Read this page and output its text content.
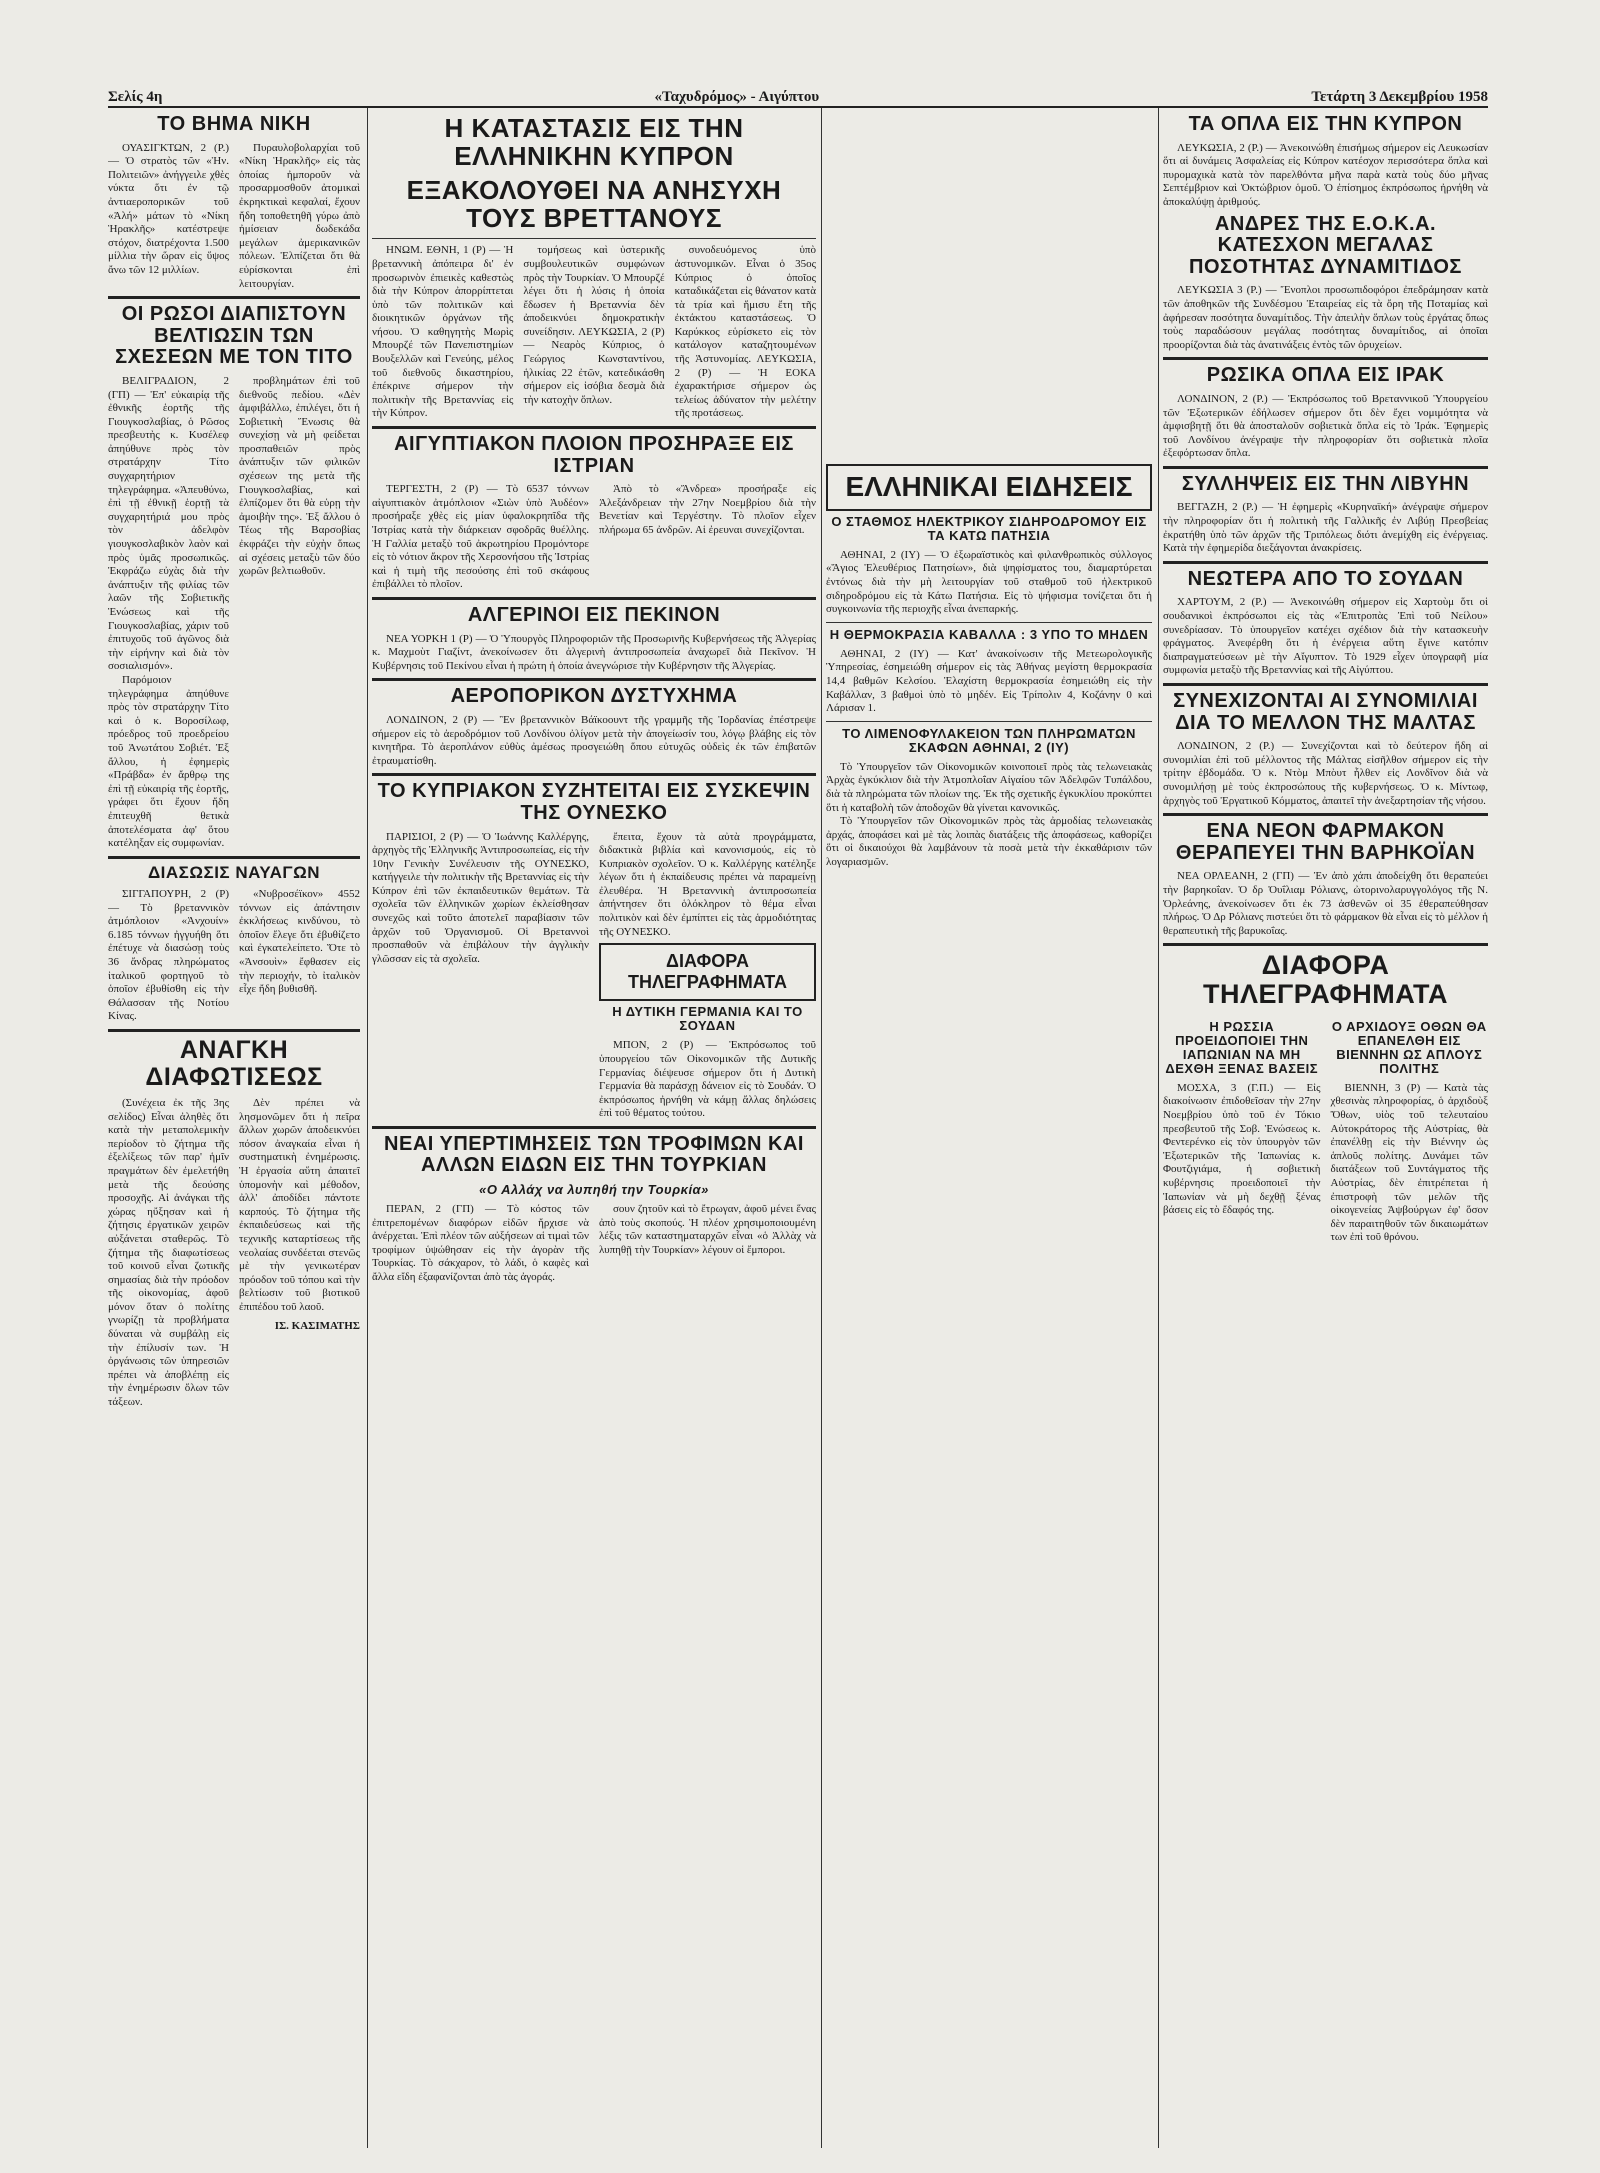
Σελίς 4η	«Ταχυδρόμος» - Αιγύπτου	Τετάρτη 3 Δεκεμβρίου 1958
ΤΟ ΒΗΜΑ ΝΙΚΗ

ΟΥΑΣΙΓΚΤΩΝ, 2 (Ρ.) — Ὁ στρατὸς τῶν «Ἡν. Πολιτειῶν» ἀνήγγειλε χθὲς νύκτα ὅτι ἐν τῷ ἀντιαεροπορικῶν τοῦ «Ἀλή» μάτων τὸ «Νίκη Ἡρακλῆς» κατέστρεψε στόχον, διατρέχοντα 1.500 μίλλια τὴν ὥραν εἰς ὕψος ἄνω τῶν 12 μιλλίων.

Πυραυλοβολαρχίαι τοῦ «Νίκη Ἡρακλῆς» εἰς τὰς ὁποίας ἠμποροῦν νὰ προσαρμοσθοῦν ἀτομικαὶ ἐκρηκτικαὶ κεφαλαί, ἔχουν ἤδη τοποθετηθῆ γύρω ἀπὸ ἠμίσειαν δωδεκάδα μεγάλων ἀμερικανικῶν πόλεων. Ἐλπίζεται ὅτι θὰ εὑρίσκονται ἐπὶ λειτουργίαν.

ΟΙ ΡΩΣΟΙ ΔΙΑΠΙΣΤΟΥΝ ΒΕΛΤΙΩΣΙΝ ΤΩΝ ΣΧΕΣΕΩΝ ΜΕ ΤΟΝ ΤΙΤΟ

ΒΕΛΙΓΡΑΔΙΟΝ, 2 (ΓΠ) — Ἐπ' εὐκαιρίᾳ τῆς ἐθνικῆς ἑορτῆς τῆς Γιουγκοσλαβίας, ὁ Ρῶσος πρεσβευτὴς κ. Κυσέλεφ ἀπηύθυνε πρὸς τὸν στρατάρχην Τίτο συγχαρητήριον τηλεγράφημα. «Ἀπευθύνω, ἐπὶ τῇ ἐθνικῇ ἑορτῇ τὰ συγχαρητήριά μου πρὸς τὸν ἀδελφὸν γιουγκοσλαβικὸν λαὸν καὶ πρὸς ὑμᾶς προσωπικῶς. Ἐκφράζω εὐχὰς διὰ τὴν ἀνάπτυξιν τῆς φιλίας τῶν λαῶν τῆς Σοβιετικῆς Ἑνώσεως καὶ τῆς Γιουγκοσλαβίας, χάριν τοῦ ἐπιτυχοῦς τοῦ ἀγῶνος διὰ τὴν εἰρήνην καὶ διὰ τὸν σοσιαλισμόν».

Παρόμοιον τηλεγράφημα ἀπηύθυνε πρὸς τὸν στρατάρχην Τίτο καὶ ὁ κ. Βοροσίλωφ, πρόεδρος τοῦ προεδρείου τοῦ Ἀνωτάτου Σοβιέτ. Ἐξ ἄλλου, ἡ ἐφημερὶς «Πράβδα» ἐν ἄρθρῳ της ἐπὶ τῇ εὐκαιρίᾳ τῆς ἑορτῆς, γράφει ὅτι ἔχουν ἤδη ἐπιτευχθῆ θετικὰ ἀποτελέσματα ἀφ' ὅτου κατέληξαν εἰς συμφωνίαν.

προβλημάτων ἐπὶ τοῦ διεθνοῦς πεδίου. «Δὲν ἀμφιβάλλω, ἐπιλέγει, ὅτι ἡ Σοβιετικὴ Ἕνωσις θὰ συνεχίσῃ νὰ μὴ φείδεται προσπαθειῶν πρὸς ἀνάπτυξιν τῶν φιλικῶν σχέσεων της μετὰ τῆς Γιουγκοσλαβίας, καὶ ἐλπίζομεν ὅτι θὰ εὑρῃ τὴν ἀμοιβὴν της». Ἐξ ἄλλου ὁ Τέως τῆς Βαρσοβίας ἐκφράζει τὴν εὐχὴν ὅπως αἱ σχέσεις μεταξὺ τῶν δύο χωρῶν βελτιωθοῦν.

ΔΙΑΣΩΣΙΣ ΝΑΥΑΓΩΝ

ΣΙΓΓΑΠΟΥΡΗ, 2 (Ρ) — Τὸ βρεταννικὸν ἀτμόπλοιον «Ἀνχουίν» 6.185 τόννων ἠγγυήθη ὅτι ἐπέτυχε νὰ διασώσῃ τοὺς 36 ἄνδρας πληρώματος ἰταλικοῦ φορτηγοῦ τὸ ὁποῖον ἐβυθίσθη εἰς τὴν Θάλασσαν τῆς Νοτίου Κίνας.

«Νυβροσέϊκον» 4552 τόννων εἰς ἀπάντησιν ἐκκλήσεως κινδύνου, τὸ ὁποῖον ἔλεγε ὅτι ἐβυθίζετο καὶ ἐγκατελείπετο. Ὅτε τὸ «Ἀνσουὶν» ἔφθασεν εἰς τὴν περιοχήν, τὸ ἰταλικὸν εἶχε ἤδη βυθισθῆ.

ΑΝΑΓΚΗ ΔΙΑΦΩΤΙΣΕΩΣ

(Συνέχεια ἐκ τῆς 3ης σελίδος) Εἶναι ἀληθὲς ὅτι κατὰ τὴν μεταπολεμικὴν περίοδον τὸ ζήτημα τῆς ἐξελίξεως τῶν παρ' ἡμῖν πραγμάτων δὲν ἐμελετήθη μετὰ τῆς δεούσης προσοχῆς. Αἱ ἀνάγκαι τῆς χώρας ηὔξησαν καὶ ἡ ζήτησις ἐργατικῶν χειρῶν αὐξάνεται σταθερῶς. Τὸ ζήτημα τῆς διαφωτίσεως τοῦ κοινοῦ εἶναι ζωτικῆς σημασίας διὰ τὴν πρόοδον τῆς οἰκονομίας, ἀφοῦ μόνον ὅταν ὁ πολίτης γνωρίζῃ τὰ προβλήματα δύναται νὰ συμβάλῃ εἰς τὴν ἐπίλυσίν των. Ἡ ὀργάνωσις τῶν ὑπηρεσιῶν πρέπει νὰ ἀποβλέπῃ εἰς τὴν ἐνημέρωσιν ὅλων τῶν τάξεων.

Δὲν πρέπει νὰ λησμονῶμεν ὅτι ἡ πεῖρα ἄλλων χωρῶν ἀποδεικνύει πόσον ἀναγκαία εἶναι ἡ συστηματικὴ ἐνημέρωσις. Ἡ ἐργασία αὕτη ἀπαιτεῖ ὑπομονὴν καὶ μέθοδον, ἀλλ' ἀποδίδει πάντοτε καρπούς. Τὸ ζήτημα τῆς ἐκπαιδεύσεως καὶ τῆς τεχνικῆς καταρτίσεως τῆς νεολαίας συνδέεται στενῶς μὲ τὴν γενικωτέραν πρόοδον τοῦ τόπου καὶ τὴν βελτίωσιν τοῦ βιοτικοῦ ἐπιπέδου τοῦ λαοῦ.

ΙΣ. ΚΑΣΙΜΑΤΗΣ

Η ΚΑΤΑΣΤΑΣΙΣ ΕΙΣ ΤΗΝ ΕΛΛΗΝΙΚΗΝ ΚΥΠΡΟΝ
ΕΞΑΚΟΛΟΥΘΕΙ ΝΑ ΑΝΗΣΥΧΗ ΤΟΥΣ ΒΡΕΤΤΑΝΟΥΣ

ΗΝΩΜ. ΕΘΝΗ, 1 (Ρ) — Ἡ βρεταννικὴ ἀπόπειρα δι' ἐν προσωρινὸν ἐπιεικὲς καθεστὼς διὰ τὴν Κύπρον ἀπορρίπτεται ὑπὸ τῶν πολιτικῶν καὶ διοικητικῶν ὀργάνων τῆς νήσου. Ὁ καθηγητὴς Μωρὶς Μπουρζέ τῶν Πανεπιστημίων Βουξελλῶν καὶ Γενεύης, μέλος τοῦ διεθνοῦς δικαστηρίου, ἐπέκρινε σήμερον τὴν πολιτικὴν τῆς Βρεταννίας εἰς τὴν Κύπρον.

τομήσεως καὶ ὑστερικῆς συμβουλευτικῶν συμφώνων πρὸς τὴν Τουρκίαν. Ὁ Μπουρζέ λέγει ὅτι ἡ λύσις ἡ ὁποία ἔδωσεν ἡ Βρεταννία δὲν ἀποδεικνύει δημοκρατικὴν συνείδησιν. ΛΕΥΚΩΣΙΑ, 2 (Ρ) — Νεαρὸς Κύπριος, ὁ Γεώργιος Κωνσταντίνου, ἡλικίας 22 ἐτῶν, κατεδικάσθη σήμερον εἰς ἰσόβια δεσμὰ διὰ τὴν κατοχὴν ὅπλων.

συνοδευόμενος ὑπὸ ἀστυνομικῶν. Εἶναι ὁ 35ος Κύπριος ὁ ὁποῖος καταδικάζεται εἰς θάνατον κατὰ τὰ τρία καὶ ἥμισυ ἔτη τῆς ἐκτάκτου καταστάσεως. Ὁ Καρύκκος εὑρίσκετο εἰς τὸν κατάλογον καταζητουμένων τῆς Ἀστυνομίας. ΛΕΥΚΩΣΙΑ, 2 (Ρ) — Ἡ ΕΟΚΑ ἐχαρακτήρισε σήμερον ὡς τελείως ἀδύνατον τὴν μελέτην τῆς προτάσεως.

ΑΙΓΥΠΤΙΑΚΟΝ ΠΛΟΙΟΝ ΠΡΟΣΗΡΑΞΕ ΕΙΣ ΙΣΤΡΙΑΝ

ΤΕΡΓΕΣΤΗ, 2 (Ρ) — Τὸ 6537 τόννων αἰγυπτιακὸν ἀτμόπλοιον «Σιὼν ὑπὸ Ἀυδέον» προσήραξε χθὲς εἰς μίαν ὑφαλοκρηπῖδα τῆς Ἰστρίας κατὰ τὴν διάρκειαν σφοδρᾶς θυέλλης. Ἡ Γαλλία μεταξὺ τοῦ ἀκρωτηρίου Προμόντορε εἰς τὸ νότιον ἄκρον τῆς Χερσονήσου τῆς Ἰστρίας καὶ ἡ τιμὴ τῆς πεσούσης ἐπὶ τοῦ σκάφους ἐπιβάλλει τὸ πλοῖον.

Ἀπὸ τὸ «Ἄνδρεα» προσήραξε εἰς Ἀλεξάνδρειαν τὴν 27ην Νοεμβρίου διὰ τὴν Βενετίαν καὶ Τεργέστην. Τὸ πλοῖον εἶχεν πλήρωμα 65 ἀνδρῶν. Αἱ ἐρευναι συνεχίζονται.

ΑΛΓΕΡΙΝΟΙ ΕΙΣ ΠΕΚΙΝΟΝ

ΝΕΑ ΥΟΡΚΗ 1 (Ρ) — Ὁ Ὑπουργὸς Πληροφοριῶν τῆς Προσωρινῆς Κυβερνήσεως τῆς Ἀλγερίας κ. Μαχμοὺτ Γιαζίντ, ἀνεκοίνωσεν ὅτι ἀλγερινὴ ἀντιπροσωπεία ἀναχωρεῖ διὰ Πεκῖνον. Ἡ Κυβέρνησις τοῦ Πεκίνου εἶναι ἡ πρώτη ἡ ὁποία ἀνεγνώρισε τὴν Κυβέρνησιν τῆς Ἀλγερίας.

ΑΕΡΟΠΟΡΙΚΟΝ ΔΥΣΤΥΧΗΜΑ

ΛΟΝΔΙΝΟΝ, 2 (Ρ) — Ἓν βρεταννικὸν Βάϊκοουντ τῆς γραμμῆς τῆς Ἰορδανίας ἐπέστρεψε σήμερον εἰς τὸ ἀεροδρόμιον τοῦ Λονδίνου ὀλίγον μετὰ τὴν ἀπογείωσίν του, λόγῳ βλάβης εἰς τὸν κινητῆρα. Τὸ ἀεροπλάνον εὐθὺς ἀμέσως προσγειώθη ὅπου εὐτυχῶς οὐδεὶς ἐκ τῶν ἐπιβατῶν ἐτραυματίσθη.

ΤΟ ΚΥΠΡΙΑΚΟΝ ΣΥΖΗΤΕΙΤΑΙ ΕΙΣ ΣΥΣΚΕΨΙΝ ΤΗΣ ΟΥΝΕΣΚΟ

ΠΑΡΙΣΙΟΙ, 2 (Ρ) — Ὁ Ἰωάννης Καλλέργης, ἀρχηγὸς τῆς Ἑλληνικῆς Ἀντιπροσωπείας, εἰς τὴν 10ην Γενικὴν Συνέλευσιν τῆς ΟΥΝΕΣΚΟ, κατήγγειλε τὴν πολιτικὴν τῆς Βρεταννίας εἰς τὴν Κύπρον ἐπὶ τῶν ἐκπαιδευτικῶν θεμάτων. Τὰ σχολεῖα τῶν ἑλληνικῶν χωρίων ἐκλείσθησαν συνεχῶς καὶ τοῦτο ἀποτελεῖ παραβίασιν τῶν ἀρχῶν τοῦ Ὀργανισμοῦ. Οἱ Βρεταννοὶ προσπαθοῦν νὰ ἐπιβάλουν τὴν ἀγγλικὴν γλῶσσαν εἰς τὰ σχολεῖα.

ἔπειτα, ἔχουν τὰ αὐτὰ προγράμματα, διδακτικὰ βιβλία καὶ κανονισμούς, εἰς τὸ Κυπριακὸν σχολεῖον. Ὁ κ. Καλλέργης κατέληξε λέγων ὅτι ἡ ἐκπαίδευσις πρέπει νὰ παραμείνῃ ἐλευθέρα. Ἡ Βρεταννικὴ ἀντιπροσωπεία ἀπήντησεν ὅτι ὁλόκληρον τὸ θέμα εἶναι πολιτικὸν καὶ δὲν ἐμπίπτει εἰς τὰς ἁρμοδιότητας τῆς ΟΥΝΕΣΚΟ.

ΔΙΑΦΟΡΑ ΤΗΛΕΓΡΑΦΗΜΑΤΑ
Η ΔΥΤΙΚΗ ΓΕΡΜΑΝΙΑ ΚΑΙ ΤΟ ΣΟΥΔΑΝ

ΜΠΟΝ, 2 (Ρ) — Ἐκπρόσωπος τοῦ ὑπουργείου τῶν Οἰκονομικῶν τῆς Δυτικῆς Γερμανίας διέψευσε σήμερον ὅτι ἡ Δυτικὴ Γερμανία θὰ παράσχῃ δάνειον εἰς τὸ Σουδάν. Ὁ ἐκπρόσωπος ἠρνήθη νὰ κάμῃ ἄλλας δηλώσεις ἐπὶ τοῦ θέματος τούτου.

ΝΕΑΙ ΥΠΕΡΤΙΜΗΣΕΙΣ ΤΩΝ ΤΡΟΦΙΜΩΝ ΚΑΙ ΑΛΛΩΝ ΕΙΔΩΝ ΕΙΣ ΤΗΝ ΤΟΥΡΚΙΑΝ
«Ο Αλλάχ να λυπηθή την Τουρκία»

ΠΕΡΑΝ, 2 (ΓΠ) — Τὸ κόστος τῶν ἐπιτρεπομένων διαφόρων εἰδῶν ἤρχισε νὰ ἀνέρχεται. Ἐπὶ πλέον τῶν αὐξήσεων αἱ τιμαὶ τῶν τροφίμων ὑψώθησαν εἰς τὴν ἀγορὰν τῆς Τουρκίας. Τὸ σάκχαρον, τὸ λάδι, ὁ καφὲς καὶ ἄλλα εἴδη ἐξαφανίζονται ἀπὸ τὰς ἀγοράς.

σουν ζητοῦν καὶ τὸ ἔτρωγαν, ἀφοῦ μένει ἕνας ἀπὸ τοὺς σκοπούς. Ἡ πλέον χρησιμοποιουμένη λέξις τῶν καταστηματαρχῶν εἶναι «ὁ Ἀλλὰχ νὰ λυπηθῇ τὴν Τουρκίαν» λέγουν οἱ ἔμποροι.

ΕΛΛΗΝΙΚΑΙ ΕΙΔΗΣΕΙΣ
Ο ΣΤΑΘΜΟΣ ΗΛΕΚΤΡΙΚΟΥ ΣΙΔΗΡΟΔΡΟΜΟΥ ΕΙΣ ΤΑ ΚΑΤΩ ΠΑΤΗΣΙΑ

ΑΘΗΝΑΙ, 2 (ΙΥ) — Ὁ ἐξωραϊστικὸς καὶ φιλανθρωπικὸς σύλλογος «Ἅγιος Ἐλευθέριος Πατησίων», διὰ ψηφίσματος του, διαμαρτύρεται ἐντόνως διὰ τὴν μὴ λειτουργίαν τοῦ σταθμοῦ τοῦ ἠλεκτρικοῦ σιδηροδρόμου εἰς τὰ Κάτω Πατήσια. Εἰς τὸ ψήφισμα τονίζεται ὅτι ἡ συγκοινωνία τῆς περιοχῆς εἶναι ἀνεπαρκής.

Η ΘΕΡΜΟΚΡΑΣΙΑ ΚΑΒΑΛΛΑ : 3 ΥΠΟ ΤΟ ΜΗΔΕΝ

ΑΘΗΝΑΙ, 2 (ΙΥ) — Κατ' ἀνακοίνωσιν τῆς Μετεωρολογικῆς Ὑπηρεσίας, ἐσημειώθη σήμερον εἰς τὰς Ἀθήνας μεγίστη θερμοκρασία 14,4 βαθμῶν Κελσίου. Ἐλαχίστη θερμοκρασία ἐσημειώθη εἰς τὴν Καβάλλαν, 3 βαθμοὶ ὑπὸ τὸ μηδέν. Εἰς Τρίπολιν 4, Κοζάνην 0 καὶ Λάρισαν 1.

ΤΟ ΛΙΜΕΝΟΦΥΛΑΚΕΙΟΝ ΤΩΝ ΠΛΗΡΩΜΑΤΩΝ ΣΚΑΦΩΝ ΑΘΗΝΑΙ, 2 (ΙΥ)

Τὸ Ὑπουργεῖον τῶν Οἰκονομικῶν κοινοποιεῖ πρὸς τὰς τελωνειακὰς Ἀρχὰς ἐγκύκλιον διὰ τὴν Ἀτμοπλοΐαν Αἰγαίου τῶν Ἀδελφῶν Τυπάλδου, διὰ τὰ πληρώματα τῶν πλοίων της. Ἐκ τῆς σχετικῆς ἐγκυκλίου προκύπτει ὅτι ἡ καταβολὴ τῶν ἀποδοχῶν θὰ γίνεται κανονικῶς.

Τὸ Ὑπουργεῖον τῶν Οἰκονομικῶν πρὸς τὰς ἀρμοδίας τελωνειακὰς ἀρχάς, ἀποφάσει καὶ μὲ τὰς λοιπὰς διατάξεις τῆς ἀποφάσεως, καθορίζει ὅτι οἱ δικαιούχοι θὰ λαμβάνουν τὰ ποσὰ μετὰ τὴν ἐκκαθάρισιν τῶν λογαριασμῶν.

ΤΑ ΟΠΛΑ ΕΙΣ ΤΗΝ ΚΥΠΡΟΝ

ΛΕΥΚΩΣΙΑ, 2 (Ρ.) — Ἀνεκοινώθη ἐπισήμως σήμερον εἰς Λευκωσίαν ὅτι αἱ δυνάμεις Ἀσφαλείας εἰς Κύπρον κατέσχον περισσότερα ὅπλα καὶ πυρομαχικὰ κατὰ τὸν παρελθόντα μῆνα παρὰ κατὰ τοὺς δύο μῆνας Σεπτέμβριον καὶ Ὀκτώβριον ὁμοῦ. Ὁ ἐπίσημος ἐκπρόσωπος ἠρνήθη νὰ ἀποκαλύψῃ ἀριθμούς.

ΑΝΔΡΕΣ ΤΗΣ Ε.Ο.Κ.Α. ΚΑΤΕΣΧΟΝ ΜΕΓΑΛΑΣ ΠΟΣΟΤΗΤΑΣ ΔΥΝΑΜΙΤΙΔΟΣ

ΛΕΥΚΩΣΙΑ 3 (Ρ.) — Ἔνοπλοι προσωπιδοφόροι ἐπεδράμησαν κατὰ τῶν ἀποθηκῶν τῆς Συνδέσμου Ἐταιρείας εἰς τὰ ὄρη τῆς Ποταμίας καὶ ἀφήρεσαν ποσότητα δυναμίτιδος. Τὴν ἀπειλὴν ὅπλων τοὺς ἐργάτας ὅπως τοὺς παραδώσουν μεγάλας ποσότητας δυναμίτιδος, αἱ ὁποῖαι προορίζονται διὰ τὰς ἀνατινάξεις ἐντὸς τῶν ὀρυχείων.

ΡΩΣΙΚΑ ΟΠΛΑ ΕΙΣ ΙΡΑΚ

ΛΟΝΔΙΝΟΝ, 2 (Ρ.) — Ἐκπρόσωπος τοῦ Βρεταννικοῦ Ὑπουργείου τῶν Ἐξωτερικῶν ἐδήλωσεν σήμερον ὅτι δὲν ἔχει νομιμότητα νὰ ἀμφισβητῇ ὅτι θὰ ἀποσταλοῦν σοβιετικὰ ὅπλα εἰς τὸ Ἰράκ. Ἐφημερὶς τοῦ Λονδίνου ἀνέγραψε τὴν πληροφορίαν ὅτι σοβιετικὰ πλοῖα ἐξεφόρτωσαν ὅπλα.

ΣΥΛΛΗΨΕΙΣ ΕΙΣ ΤΗΝ ΛΙΒΥΗΝ

ΒΕΓΓΑΖΗ, 2 (Ρ.) — Ἡ ἐφημερὶς «Κυρηναϊκή» ἀνέγραψε σήμερον τὴν πληροφορίαν ὅτι ἡ πολιτικὴ τῆς Γαλλικῆς ἐν Λιβύῃ Πρεσβείας ἐκρατήθη ὑπὸ τῶν ἀρχῶν τῆς Τριπόλεως διότι ἀνεμίχθη εἰς ἐνέργειας. Κατὰ τὴν ἐφημερίδα διεξάγονται ἀνακρίσεις.

ΝΕΩΤΕΡΑ ΑΠΟ ΤΟ ΣΟΥΔΑΝ

ΧΑΡΤΟΥΜ, 2 (Ρ.) — Ἀνεκοινώθη σήμερον εἰς Χαρτοὺμ ὅτι οἱ σουδανικοὶ ἐκπρόσωποι εἰς τὰς «Ἐπιτροπὰς Ἐπὶ τοῦ Νείλου» συνεδρίασαν. Τὸ ὑπουργεῖον κατέχει σχέδιον διὰ τὴν κατασκευὴν φράγματος. Ἀνεφέρθη ὅτι ἡ ἐνέργεια αὕτη ἔγινε κατόπιν διαπραγματεύσεων μὲ τὴν Αἴγυπτον. Τὸ 1929 εἶχεν ὑπογραφῆ μία συμφωνία μεταξὺ τῆς Βρεταννίας καὶ τῆς Αἰγύπτου.

ΣΥΝΕΧΙΖΟΝΤΑΙ ΑΙ ΣΥΝΟΜΙΛΙΑΙ ΔΙΑ ΤΟ ΜΕΛΛΟΝ ΤΗΣ ΜΑΛΤΑΣ

ΛΟΝΔΙΝΟΝ, 2 (Ρ.) — Συνεχίζονται καὶ τὸ δεύτερον ἤδη αἱ συνομιλίαι ἐπὶ τοῦ μέλλοντος τῆς Μάλτας εἰσῆλθον σήμερον εἰς τὴν τρίτην ἑβδομάδα. Ὁ κ. Ντὸμ Μπὸυτ ἦλθεν εἰς Λονδῖνον διὰ νὰ συνομιλήσῃ μὲ τοὺς ἐκπροσώπους τῆς κυβερνήσεως. Ὁ κ. Μίντωφ, ἀρχηγὸς τοῦ Ἐργατικοῦ Κόμματος, ἀπαιτεῖ τὴν ἀνεξαρτησίαν τῆς νήσου.

ΕΝΑ ΝΕΟΝ ΦΑΡΜΑΚΟΝ ΘΕΡΑΠΕΥΕΙ ΤΗΝ ΒΑΡΗΚΟΪΑΝ

ΝΕΑ ΟΡΛΕΑΝΗ, 2 (ΓΠ) — Ἐν ἀπὸ χάπι ἀποδείχθη ὅτι θεραπεύει τὴν βαρηκοΐαν. Ὁ δρ Ὀυΐλιαμ Ρόλιανς, ὠτορινολαρυγγολόγος τῆς Ν. Ὀρλεάνης, ἀνεκοίνωσεν ὅτι ἐκ 73 ἀσθενῶν οἱ 35 ἐθεραπεύθησαν πλήρως. Ὁ Δρ Ρόλιανς πιστεύει ὅτι τὸ φάρμακον θὰ εἶναι εἰς τὸ μέλλον ἡ θεραπευτικὴ τῆς βαρυκοΐας.

ΔΙΑΦΟΡΑ ΤΗΛΕΓΡΑΦΗΜΑΤΑ
Η ΡΩΣΣΙΑ ΠΡΟΕΙΔΟΠΟΙΕΙ ΤΗΝ ΙΑΠΩΝΙΑΝ ΝΑ ΜΗ ΔΕΧΘΗ ΞΕΝΑΣ ΒΑΣΕΙΣ

ΜΟΣΧΑ, 3 (Γ.Π.) — Εἰς διακοίνωσιν ἐπιδοθεῖσαν τὴν 27ην Νοεμβρίου ὑπὸ τοῦ ἐν Τόκιο πρεσβευτοῦ τῆς Σοβ. Ἑνώσεως κ. Φεντερένκο εἰς τὸν ὑπουργὸν τῶν Ἐξωτερικῶν τῆς Ἰαπωνίας κ. Φουτζιγιάμα, ἡ σοβιετικὴ κυβέρνησις προειδοποιεῖ τὴν Ἰαπωνίαν νὰ μὴ δεχθῇ ξένας βάσεις εἰς τὸ ἔδαφός της.

Ο ΑΡΧΙΔΟΥΞ ΟΘΩΝ ΘΑ ΕΠΑΝΕΛΘΗ ΕΙΣ ΒΙΕΝΝΗΝ ΩΣ ΑΠΛΟΥΣ ΠΟΛΙΤΗΣ

ΒΙΕΝΝΗ, 3 (Ρ) — Κατὰ τὰς χθεσινὰς πληροφορίας, ὁ ἀρχιδοὺξ Ὄθων, υἱὸς τοῦ τελευταίου Αὐτοκράτορος τῆς Αὐστρίας, θὰ ἐπανέλθῃ εἰς τὴν Βιέννην ὡς ἁπλοῦς πολίτης. Δυνάμει τῶν διατάξεων τοῦ Συντάγματος τῆς Αὐστρίας, δὲν ἐπιτρέπεται ἡ ἐπιστροφὴ τῶν μελῶν τῆς οἰκογενείας Ἀψβούργων ἐφ' ὅσον δὲν παραιτηθοῦν τῶν δικαιωμάτων των ἐπὶ τοῦ θρόνου.
